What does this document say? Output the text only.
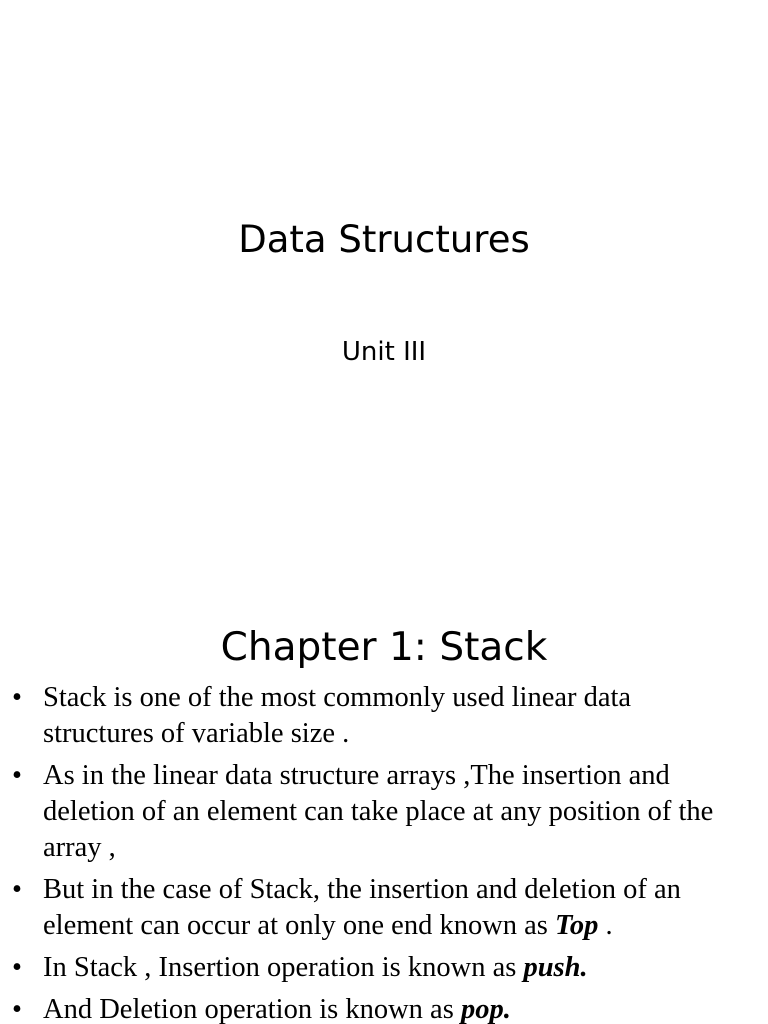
Data Structures
Unit III
Chapter 1: Stack
• Stack is one of the most commonly used linear data structures of variable size .
• As in the linear data structure arrays ,The insertion and deletion of an element can take place at any position of the array ,
• But in the case of Stack, the insertion and deletion of an element can occur at only one end known as Top .
• In Stack , Insertion operation is known as push.
• And Deletion operation is known as pop.
